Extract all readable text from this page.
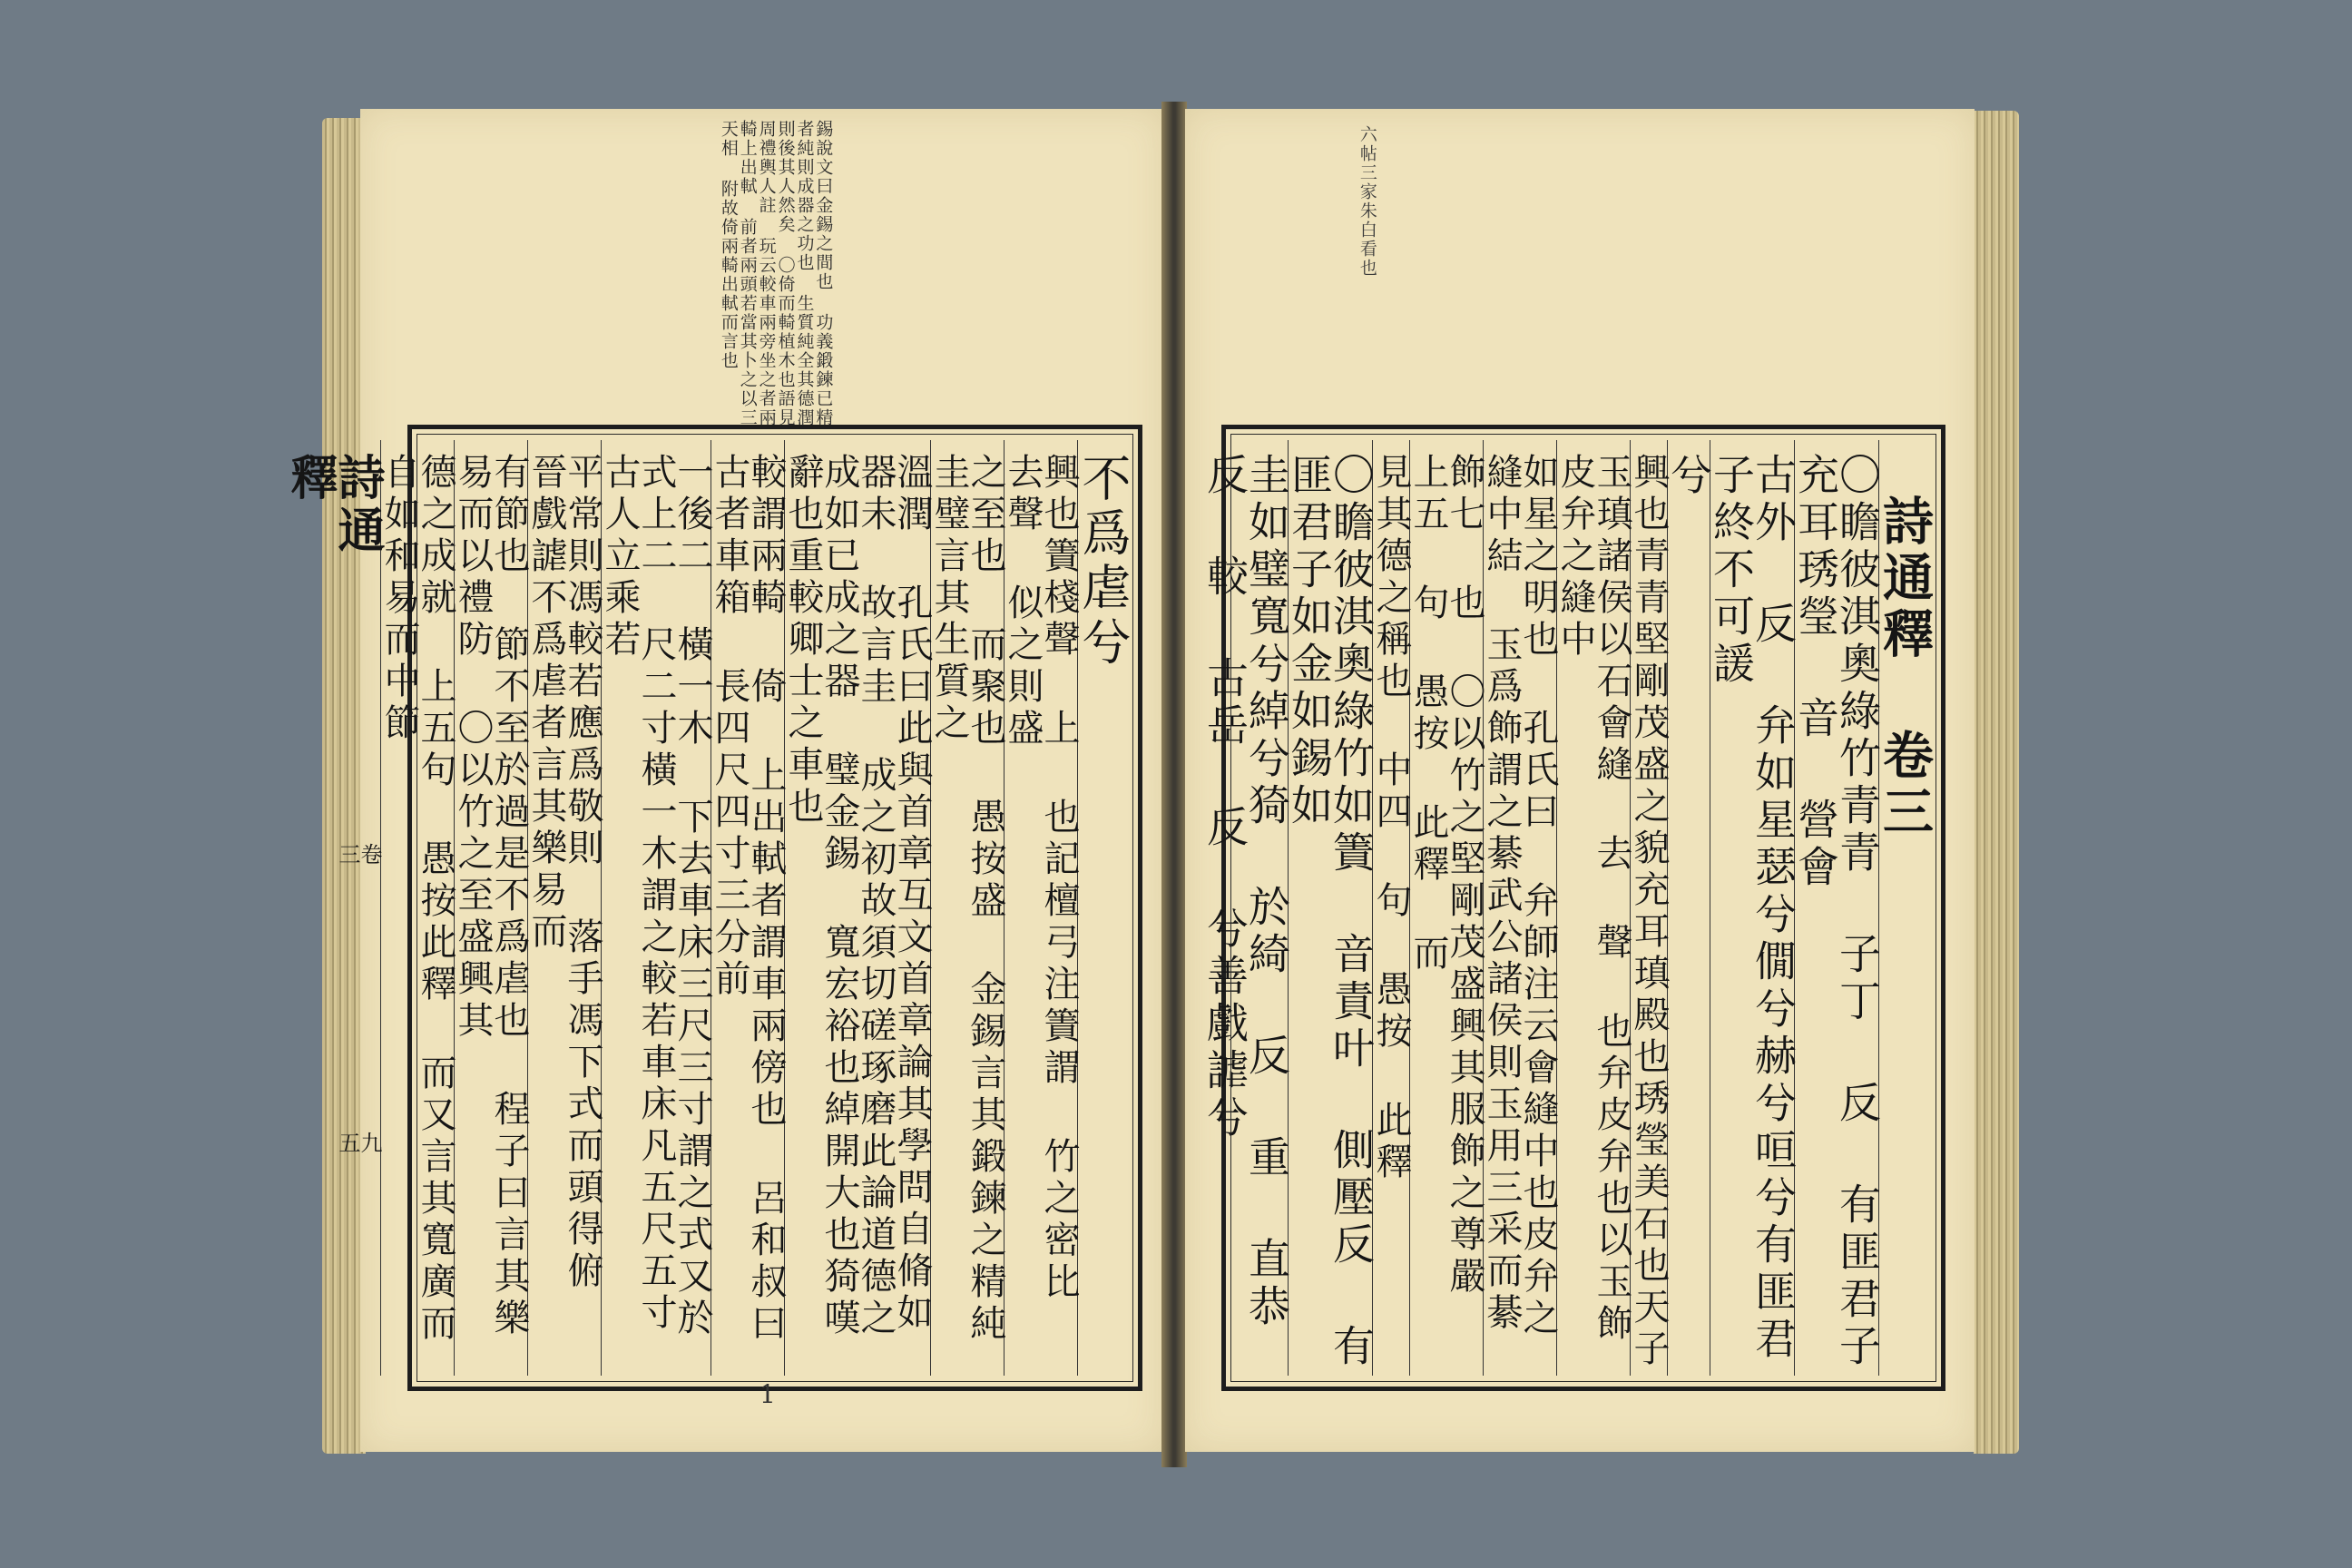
錫說文曰金錫之間也 功義鍛鍊已精者純則成器之功也 生質純全其德潤則後其人然矣 〇倚而輢植木也語見周禮輿人註 玩云較車兩旁坐之者兩輢上出軾 前者兩頭若當其卜之以三天相 附故倚兩輢出軾而言也
不爲虐兮
興也簀棧聲 上 也記檀弓注簀謂 竹之密比 去聲 似之則盛
之至也 而聚也 愚按盛 金錫言其鍛鍊之精純圭璧言其生質之
溫潤 孔氏曰此與首章互文首章論其學問自脩如器未 故言圭 成之初故須切磋琢磨此論道德之成如已成之器 璧金錫 寬宏裕也綽開大也猗嘆辭也重較卿士之車也
較謂兩輢 倚 上出軾者謂車兩傍也 呂和叔曰古者車箱 長四尺四寸三分前
一後二 橫一木 下去車床三尺三寸謂之式又於式上二 尺二寸橫一木謂之較若車床凡五尺五寸古人立乘若
平常則馮較若應爲敬則 落手馮下式而頭得俯 晉戲謔不爲虐者言其樂易而
有節也 節不至於過是不爲虐也 程子曰言其樂易而以禮防 〇以竹之至盛興其
德之成就 上五句 愚按此釋 而又言其寬廣而自如和易而中節
詩通釋
卷三
九五
1
六帖三家朱白看也
詩通釋 卷三
〇瞻彼淇奧綠竹青青 子丁 反 有匪君子充耳琇瑩 音 營會
古外 反 弁如星瑟兮僩兮赫兮咺兮有匪君子終不可諼
兮
興也青青堅剛茂盛之貌充耳瑱殿也琇瑩美石也天子
玉瑱諸侯以石會縫 去 聲 也弁皮弁也以玉飾皮弁之縫中
如星之明也 孔氏曰 弁師注云會縫中也皮弁之縫中結 玉爲飾謂之綦武公諸侯則玉用三采而綦
飾七 也 〇以竹之堅剛茂盛興其服飾之尊嚴 上五 句 愚按 此釋 而
見其德之稱也 中四 句 愚按 此釋
〇瞻彼淇奧綠竹如簀 音責叶 側壓反 有匪君子如金如錫如
圭如璧寬兮綽兮猗 於綺 反 重 直恭 反 較 古岳 反 兮善戲謔兮
